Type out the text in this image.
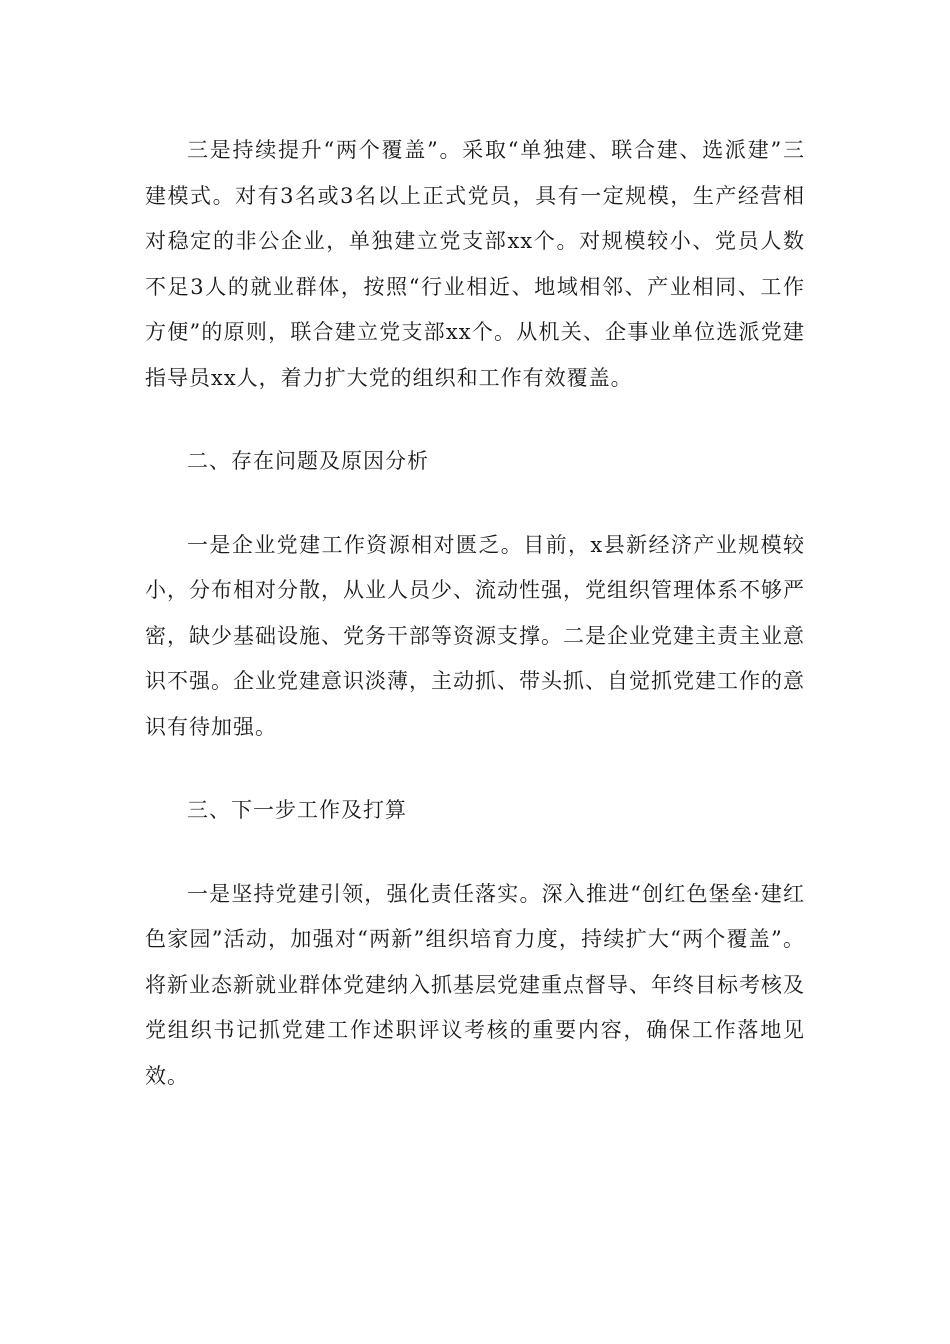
三是持续提升“两个覆盖”。采取“单独建、联合建、选派建”三建模式。对有3名或3名以上正式党员，具有一定规模，生产经营相对稳定的非公企业，单独建立党支部xx个。对规模较小、党员人数不足3人的就业群体，按照“行业相近、地域相邻、产业相同、工作方便”的原则，联合建立党支部xx个。从机关、企事业单位选派党建指导员xx人，着力扩大党的组织和工作有效覆盖。

二、存在问题及原因分析

一是企业党建工作资源相对匮乏。目前，x县新经济产业规模较小，分布相对分散，从业人员少、流动性强，党组织管理体系不够严密，缺少基础设施、党务干部等资源支撑。二是企业党建主责主业意识不强。企业党建意识淡薄，主动抓、带头抓、自觉抓党建工作的意识有待加强。

三、下一步工作及打算

一是坚持党建引领，强化责任落实。深入推进“创红色堡垒·建红色家园”活动，加强对“两新”组织培育力度，持续扩大“两个覆盖”。将新业态新就业群体党建纳入抓基层党建重点督导、年终目标考核及党组织书记抓党建工作述职评议考核的重要内容，确保工作落地见效。
